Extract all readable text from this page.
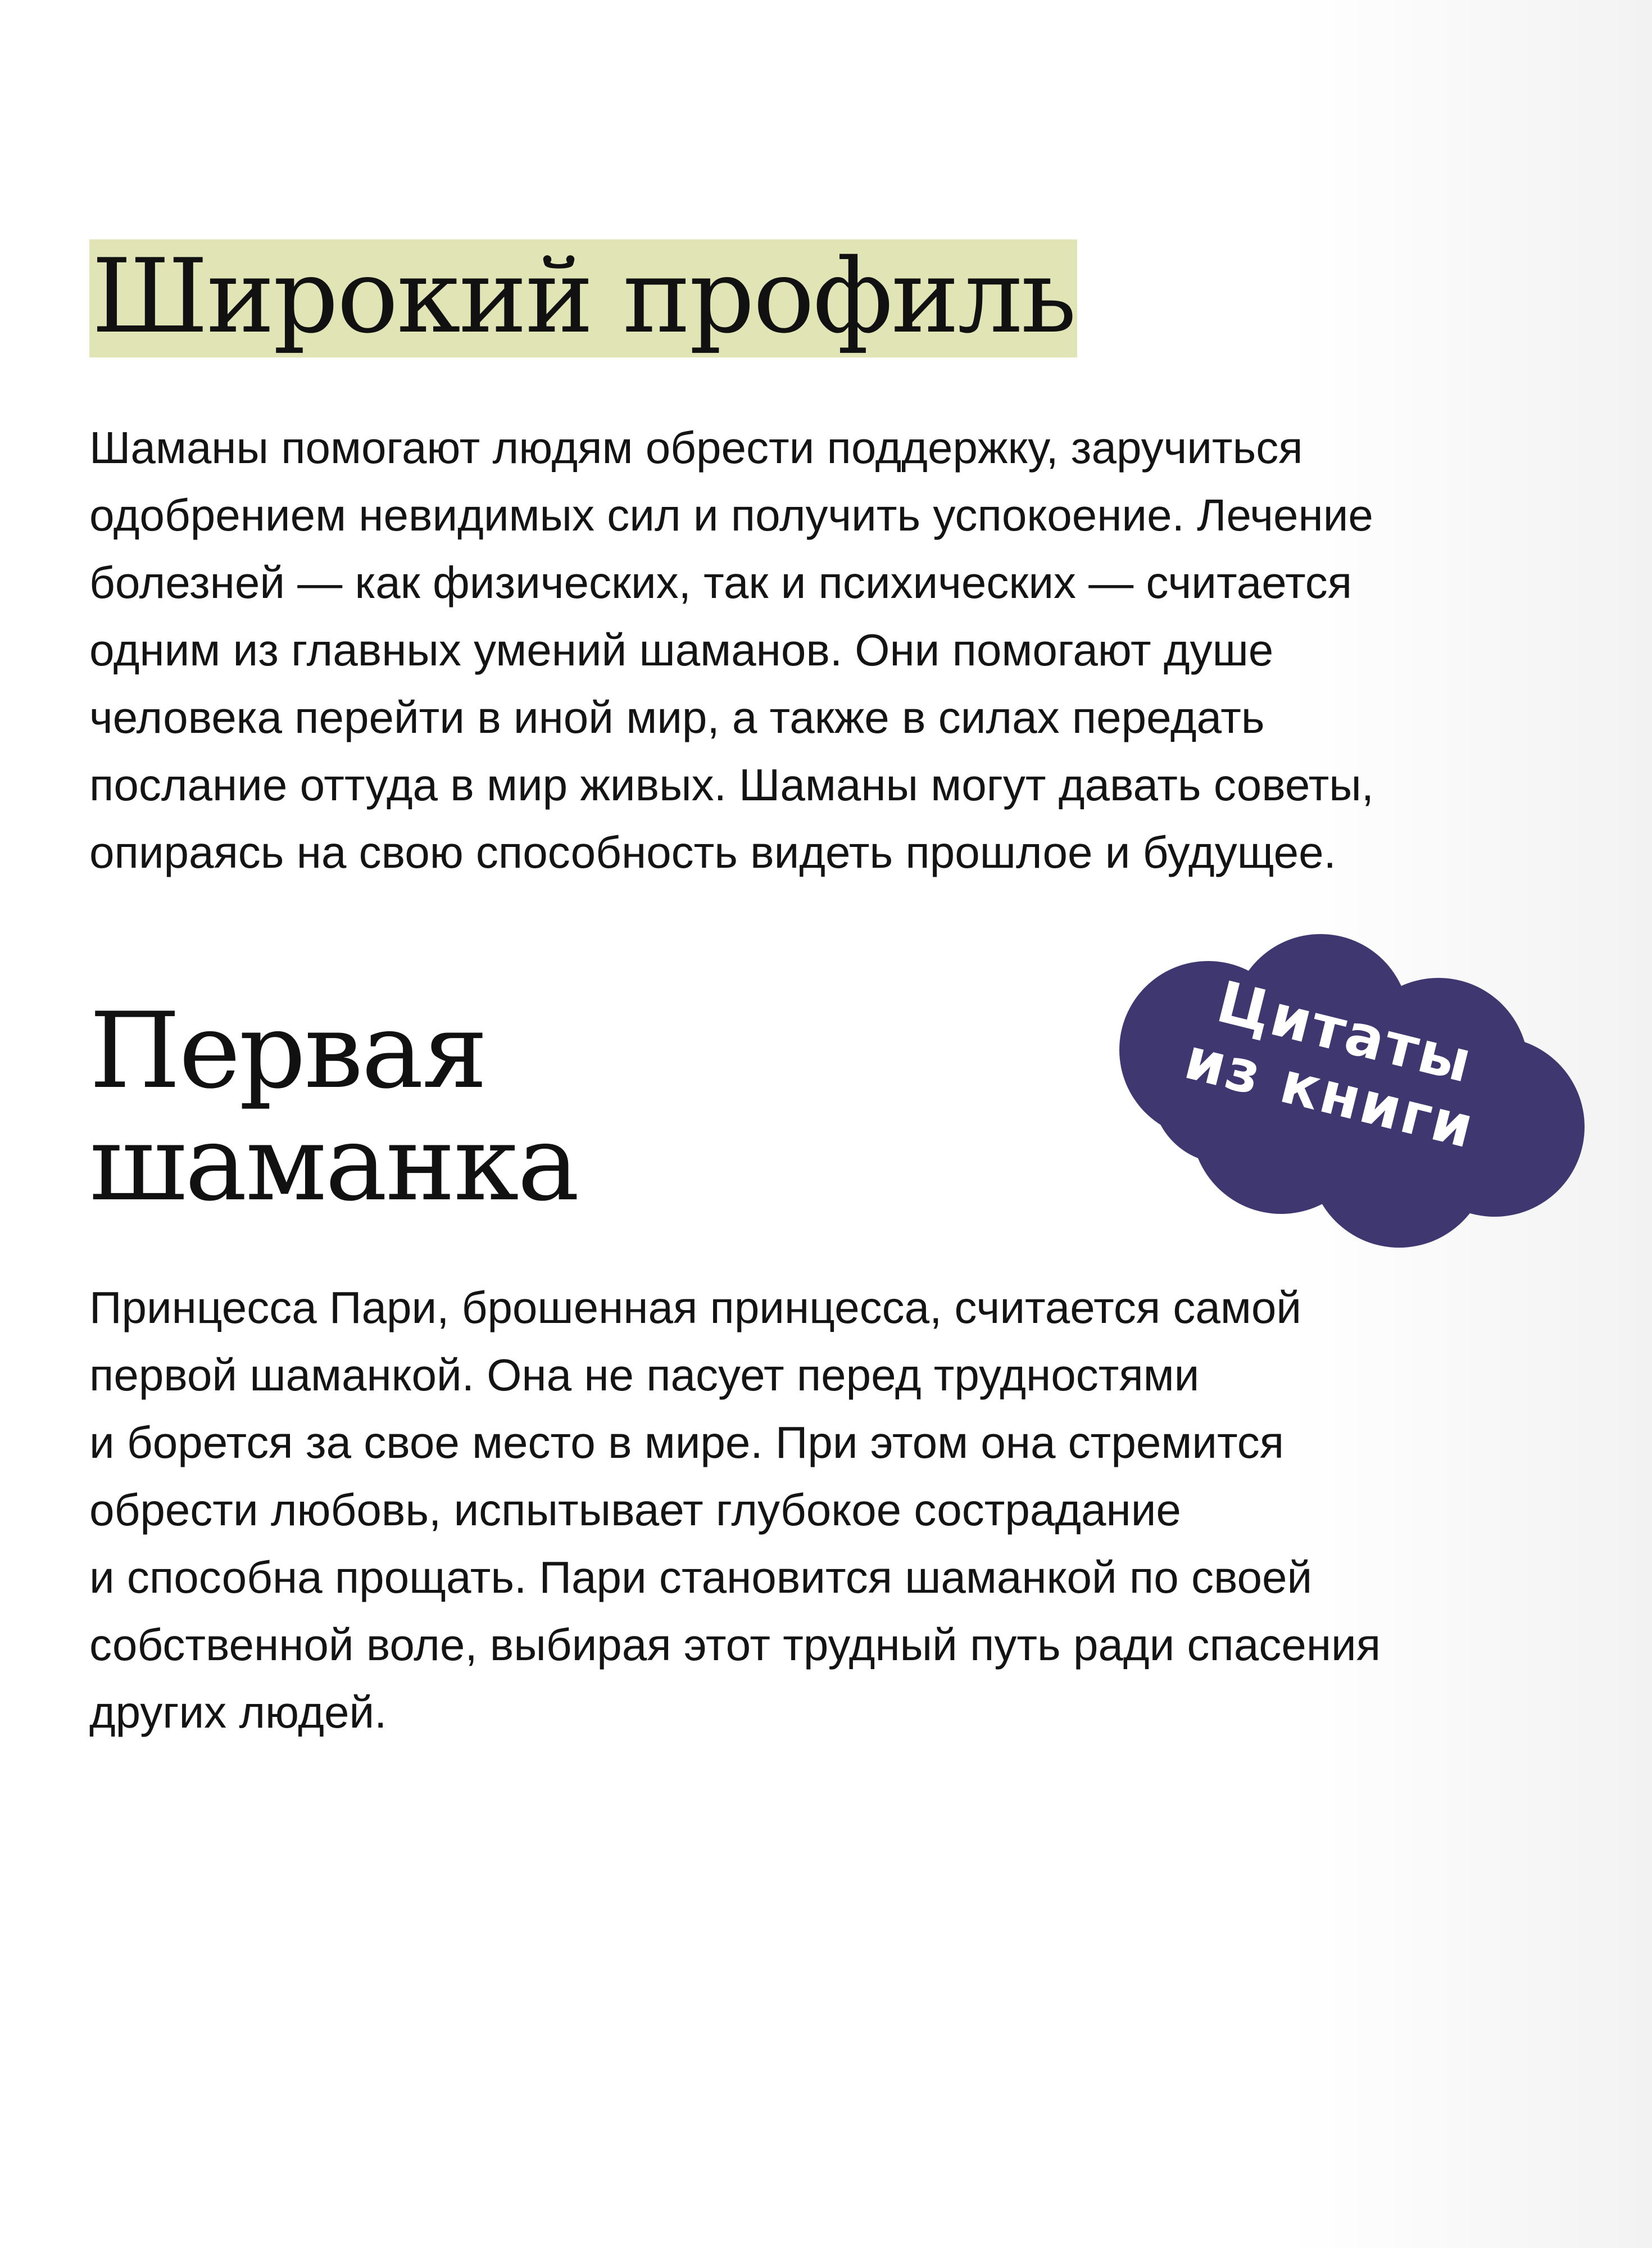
Широкий профиль

Шаманы помогают людям обрести поддержку, заручиться
одобрением невидимых сил и получить успокоение. Лечение
болезней — как физических, так и психических — считается
одним из главных умений шаманов. Они помогают душе
человека перейти в иной мир, а также в силах передать
послание оттуда в мир живых. Шаманы могут давать советы,
опираясь на свою способность видеть прошлое и будущее.

Первая
шаманка
Цитаты
из книги

Принцесса Пари, брошенная принцесса, считается самой
первой шаманкой. Она не пасует перед трудностями
и борется за свое место в мире. При этом она стремится
обрести любовь, испытывает глубокое сострадание
и способна прощать. Пари становится шаманкой по своей
собственной воле, выбирая этот трудный путь ради спасения
других людей.
